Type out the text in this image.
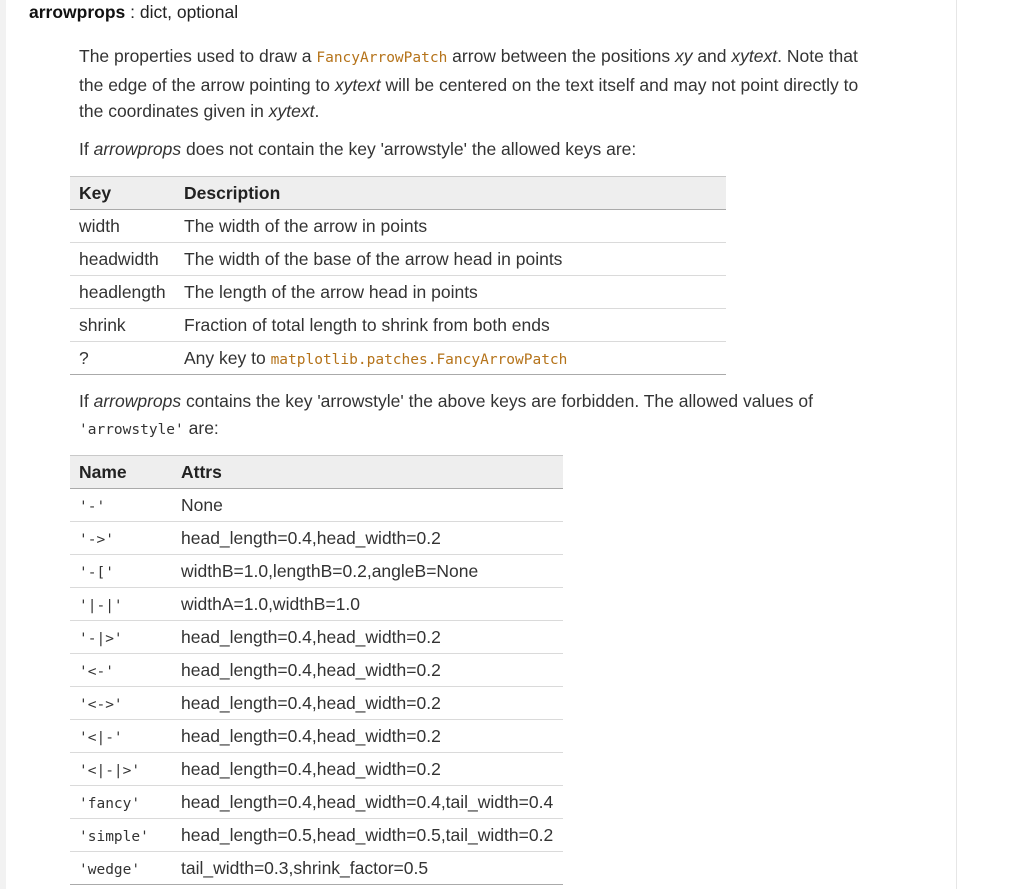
arrowprops : dict, optional
The properties used to draw a FancyArrowPatch arrow between the positions xy and xytext. Note that the edge of the arrow pointing to xytext will be centered on the text itself and may not point directly to the coordinates given in xytext.
If arrowprops does not contain the key 'arrowstyle' the allowed keys are:
Key	Description
width	The width of the arrow in points
headwidth	The width of the base of the arrow head in points
headlength	The length of the arrow head in points
shrink	Fraction of total length to shrink from both ends
?	Any key to matplotlib.patches.FancyArrowPatch
If arrowprops contains the key 'arrowstyle' the above keys are forbidden. The allowed values of 'arrowstyle' are:
Name	Attrs
'-'	None
'->'	head_length=0.4,head_width=0.2
'-['	widthB=1.0,lengthB=0.2,angleB=None
'|-|'	widthA=1.0,widthB=1.0
'-|>'	head_length=0.4,head_width=0.2
'<-'	head_length=0.4,head_width=0.2
'<->'	head_length=0.4,head_width=0.2
'<|-'	head_length=0.4,head_width=0.2
'<|-|>'	head_length=0.4,head_width=0.2
'fancy'	head_length=0.4,head_width=0.4,tail_width=0.4
'simple'	head_length=0.5,head_width=0.5,tail_width=0.2
'wedge'	tail_width=0.3,shrink_factor=0.5
